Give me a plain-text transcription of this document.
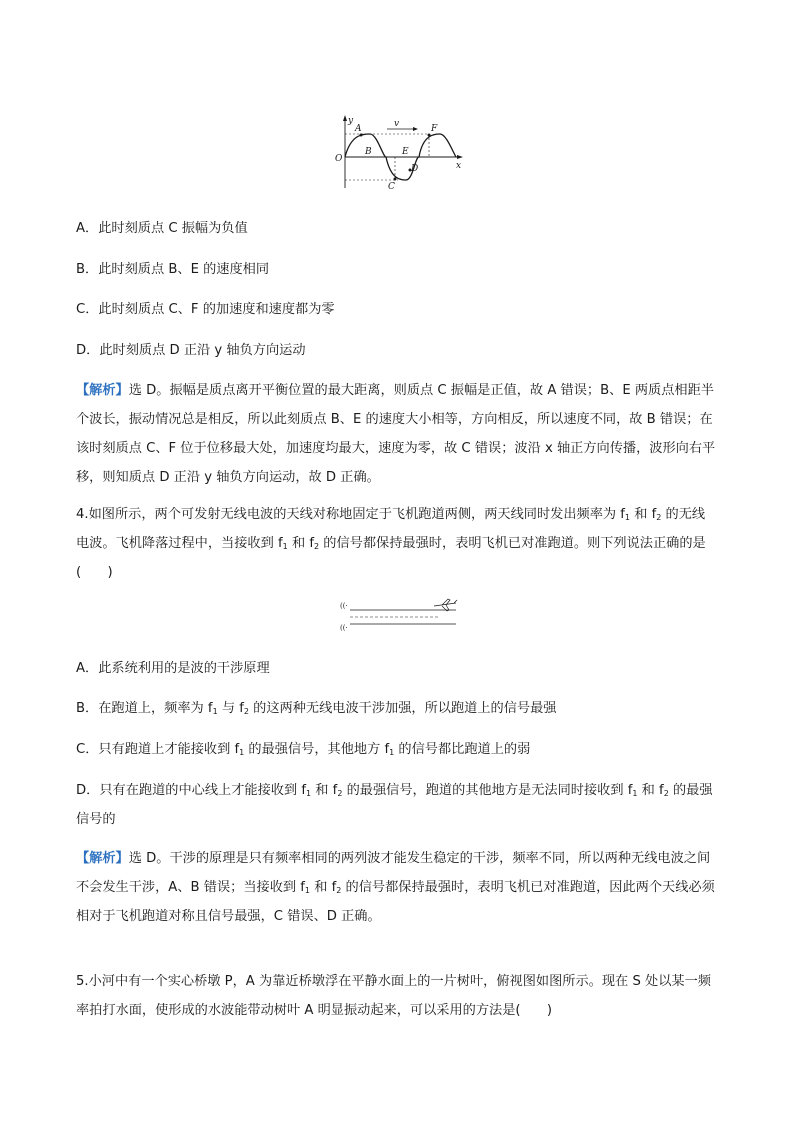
y
O
x
v
A
B
C
D
E
F

A．此时刻质点 C 振幅为负值

B．此时刻质点 B、E 的速度相同

C．此时刻质点 C、F 的加速度和速度都为零

D．此时刻质点 D 正沿 y 轴负方向运动

【解析】选 D。振幅是质点离开平衡位置的最大距离，则质点 C 振幅是正值，故 A 错误；B、E 两质点相距半个波长，振动情况总是相反，所以此刻质点 B、E 的速度大小相等，方向相反，所以速度不同，故 B 错误；在该时刻质点 C、F 位于位移最大处，加速度均最大，速度为零，故 C 错误；波沿 x 轴正方向传播，波形向右平移，则知质点 D 正沿 y 轴负方向运动，故 D 正确。

4.如图所示，两个可发射无线电波的天线对称地固定于飞机跑道两侧，两天线同时发出频率为 $f_1$ 和 $f_2$ 的无线电波。飞机降落过程中，当接收到 $f_1$ 和 $f_2$ 的信号都保持最强时，表明飞机已对准跑道。则下列说法正确的是(　　)

((·
((·

A．此系统利用的是波的干涉原理

B．在跑道上，频率为 $f_1$ 与 $f_2$ 的这两种无线电波干涉加强，所以跑道上的信号最强

C．只有跑道上才能接收到 $f_1$ 的最强信号，其他地方 $f_1$ 的信号都比跑道上的弱

D．只有在跑道的中心线上才能接收到 $f_1$ 和 $f_2$ 的最强信号，跑道的其他地方是无法同时接收到 $f_1$ 和 $f_2$ 的最强信号的

【解析】选 D。干涉的原理是只有频率相同的两列波才能发生稳定的干涉，频率不同，所以两种无线电波之间不会发生干涉，A、B 错误；当接收到 $f_1$ 和 $f_2$ 的信号都保持最强时，表明飞机已对准跑道，因此两个天线必须相对于飞机跑道对称且信号最强，C 错误、D 正确。

5.小河中有一个实心桥墩 P，A 为靠近桥墩浮在平静水面上的一片树叶，俯视图如图所示。现在 S 处以某一频率拍打水面，使形成的水波能带动树叶 A 明显振动起来，可以采用的方法是(　　)
